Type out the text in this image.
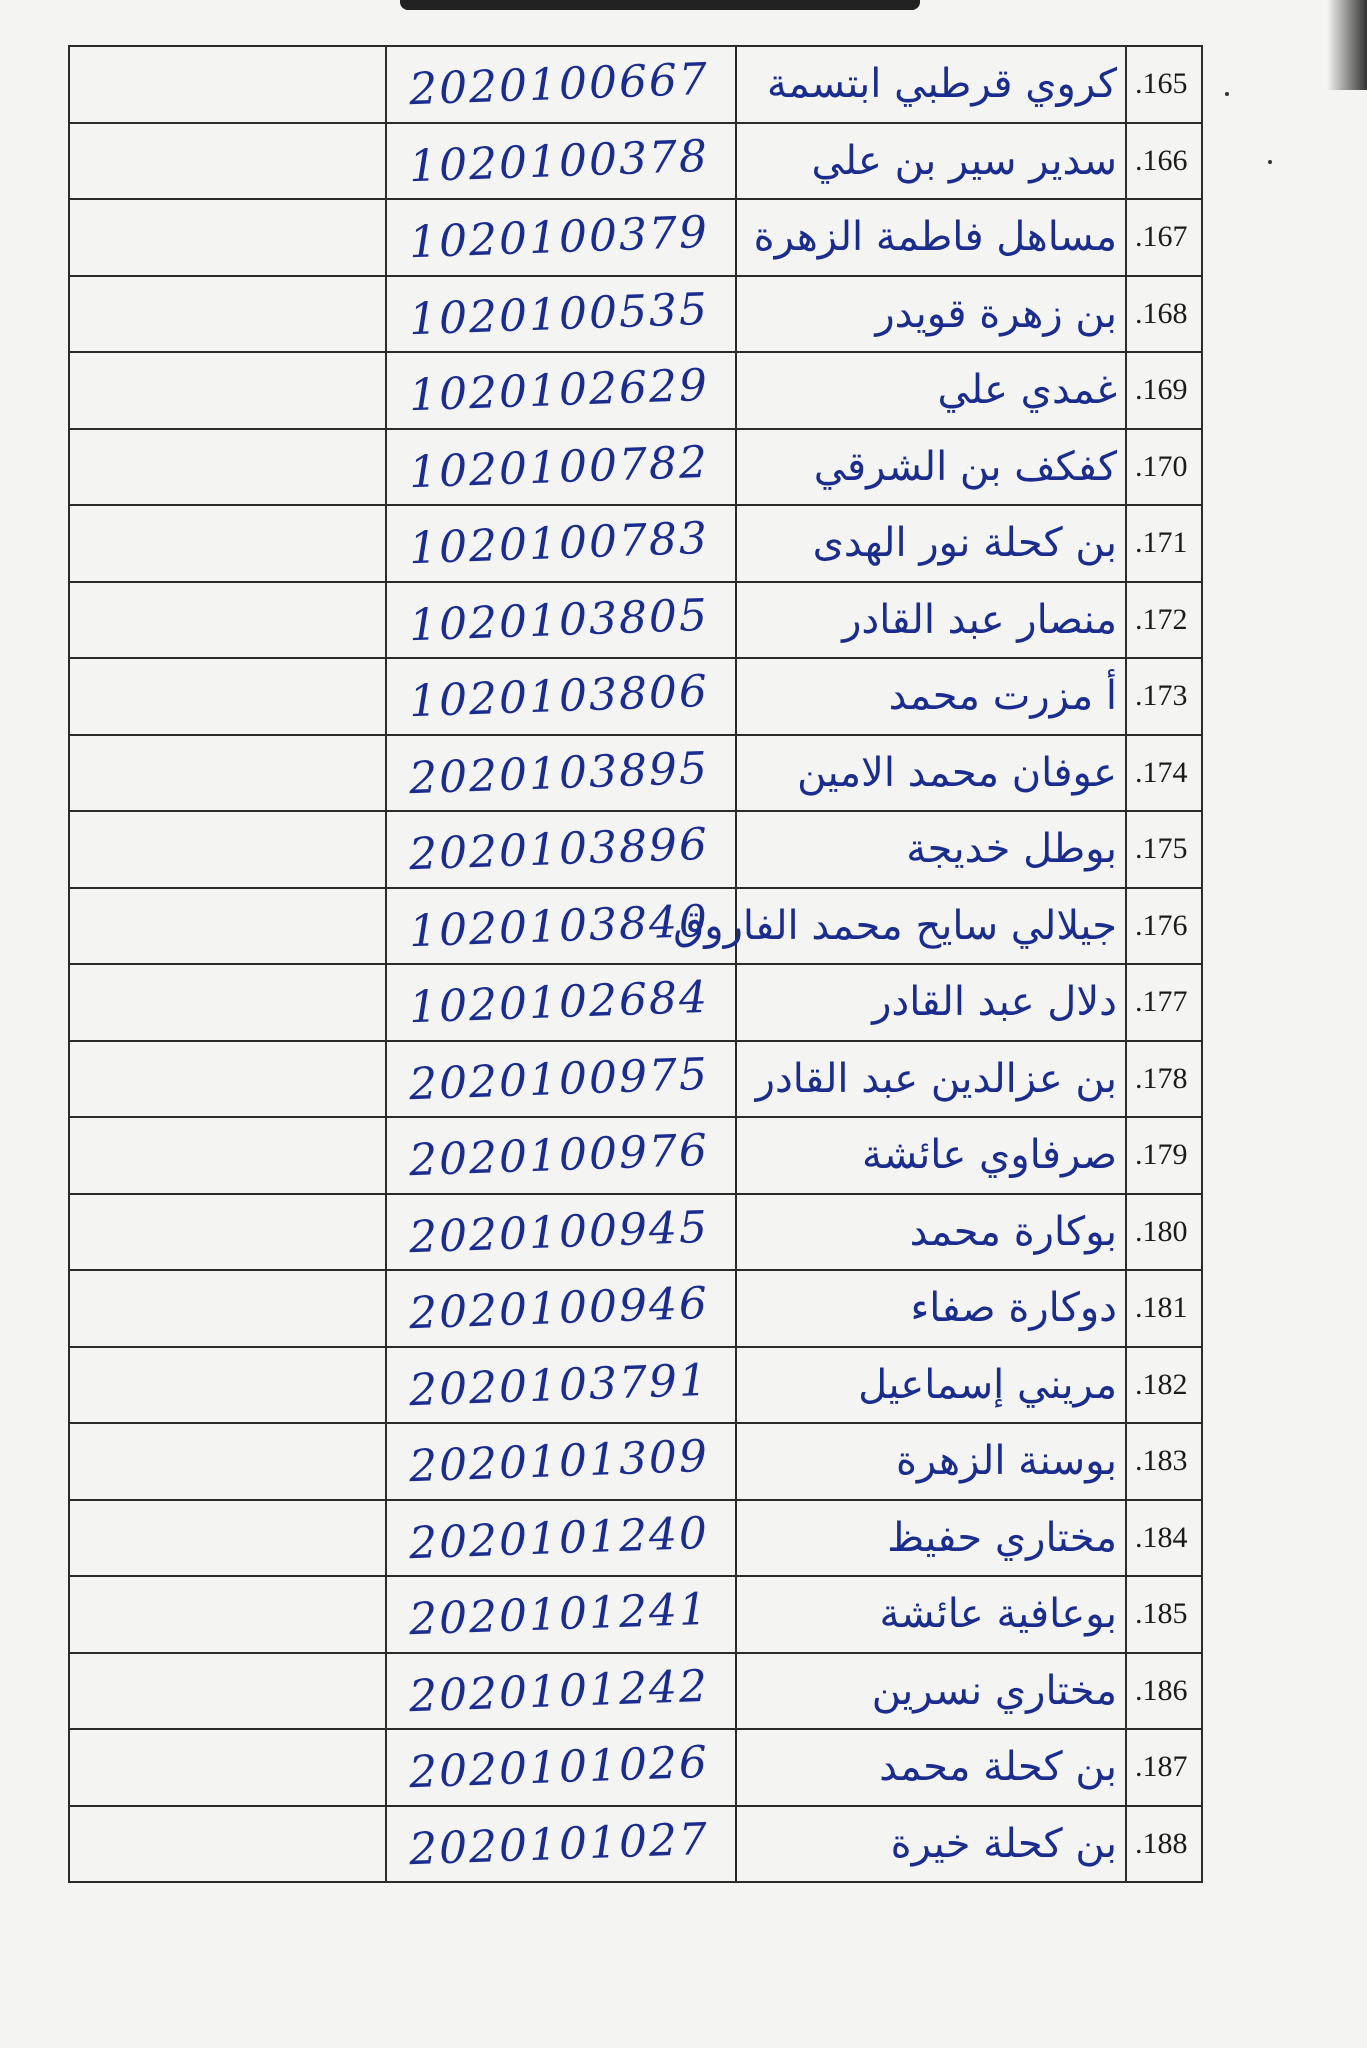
	2020100667	كروي قرطبي ابتسمة	.165
	1020100378	سدير سير بن علي	.166
	1020100379	مساهل فاطمة الزهرة	.167
	1020100535	بن زهرة قويدر	.168
	1020102629	غمدي علي	.169
	1020100782	كفكف بن الشرقي	.170
	1020100783	بن كحلة نور الهدى	.171
	1020103805	منصار عبد القادر	.172
	1020103806	أ مزرت محمد	.173
	2020103895	عوفان محمد الامين	.174
	2020103896	بوطل خديجة	.175
	1020103840	جيلالي سايح محمد الفاروق	.176
	1020102684	دلال عبد القادر	.177
	2020100975	بن عزالدين عبد القادر	.178
	2020100976	صرفاوي عائشة	.179
	2020100945	بوكارة محمد	.180
	2020100946	دوكارة صفاء	.181
	2020103791	مريني إسماعيل	.182
	2020101309	بوسنة الزهرة	.183
	2020101240	مختاري حفيظ	.184
	2020101241	بوعافية عائشة	.185
	2020101242	مختاري نسرين	.186
	2020101026	بن كحلة محمد	.187
	2020101027	بن كحلة خيرة	.188
